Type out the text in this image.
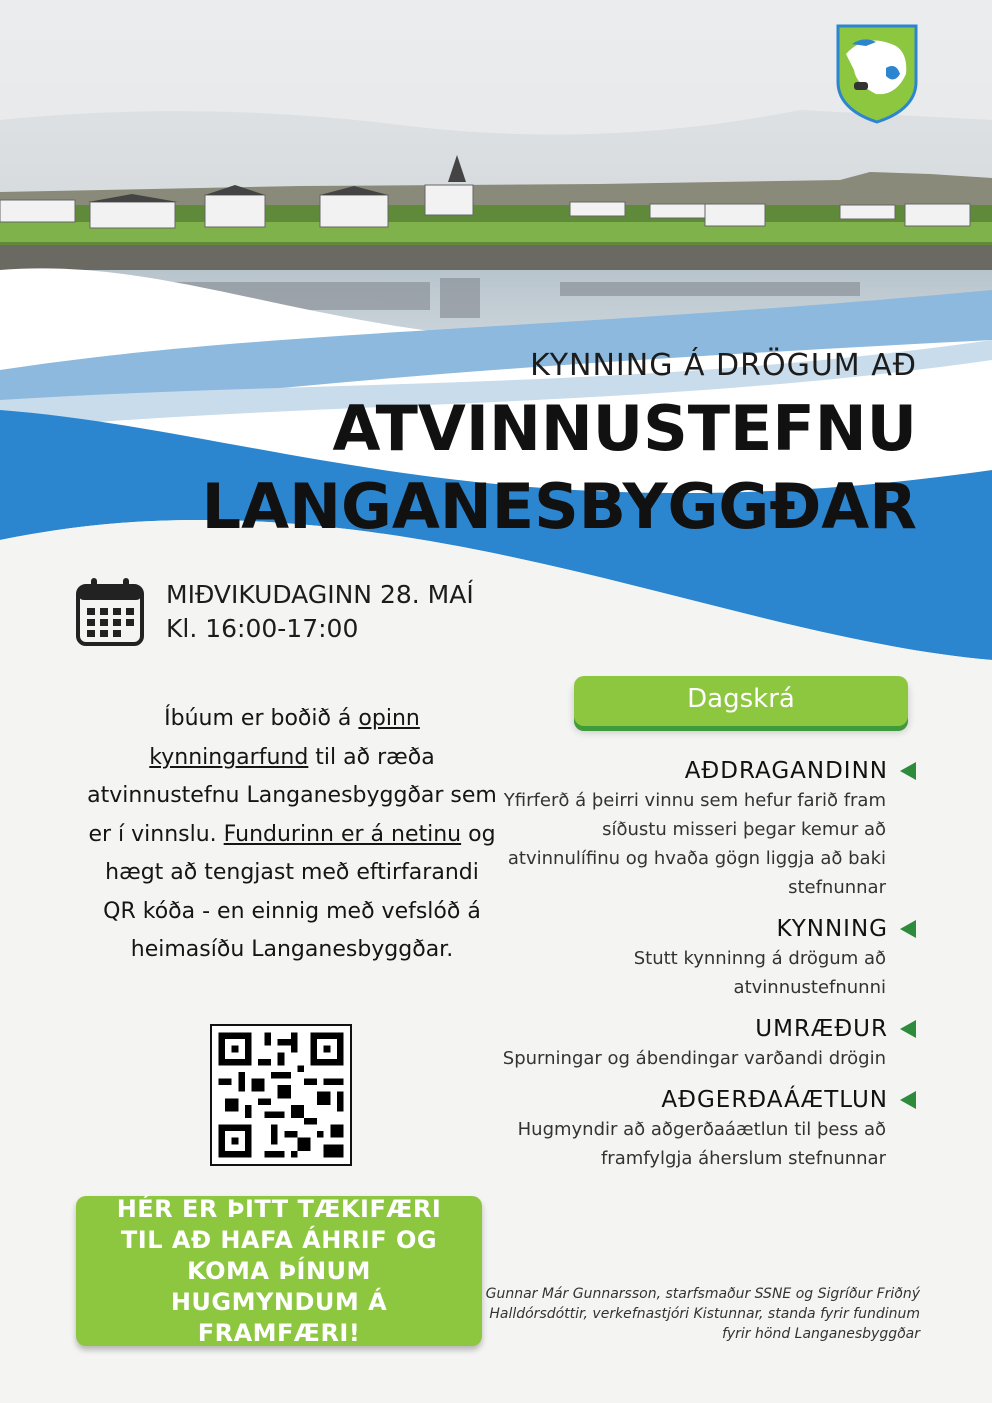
KYNNING Á DRÖGUM AÐ
ATVINNUSTEFNU
LANGANESBYGGÐAR
MIÐVIKUDAGINN 28. MAÍ
Kl. 16:00-17:00
Íbúum er boðið á opinn kynningarfund til að ræða atvinnustefnu Langanesbyggðar sem er í vinnslu. Fundurinn er á netinu og hægt að tengjast með eftirfarandi QR kóða - en einnig með vefslóð á heimasíðu Langanesbyggðar.
HÉR ER ÞITT TÆKIFÆRI TIL AÐ HAFA ÁHRIF OG KOMA ÞÍNUM HUGMYNDUM Á FRAMFÆRI!
Dagskrá
AÐDRAGANDINN
Yfirferð á þeirri vinnu sem hefur farið fram síðustu misseri þegar kemur að atvinnulífinu og hvaða gögn liggja að baki stefnunnar
KYNNING
Stutt kynninng á drögum að atvinnustefnunni
UMRÆÐUR
Spurningar og ábendingar varðandi drögin
AÐGERÐAÁÆTLUN
Hugmyndir að aðgerðaáætlun til þess að framfylgja áherslum stefnunnar
Gunnar Már Gunnarsson, starfsmaður SSNE og Sigríður Friðný Halldórsdóttir, verkefnastjóri Kistunnar, standa fyrir fundinum fyrir hönd Langanesbyggðar
